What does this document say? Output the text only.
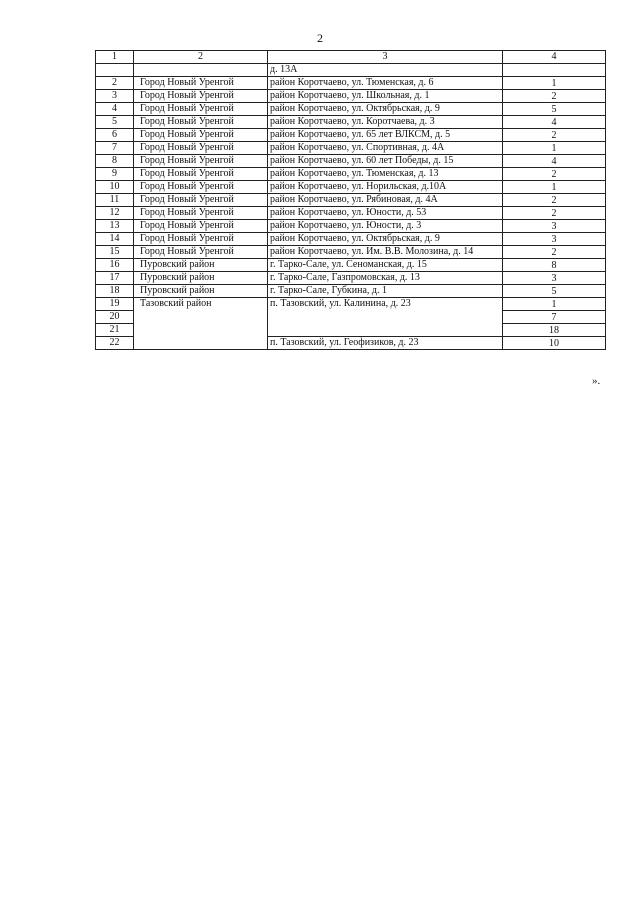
2
1	2	3	4
		д. 13А	
2	Город Новый Уренгой	район Коротчаево, ул. Тюменская, д. 6	1
3	Город Новый Уренгой	район Коротчаево, ул. Школьная, д. 1	2
4	Город Новый Уренгой	район Коротчаево, ул. Октябрьская, д. 9	5
5	Город Новый Уренгой	район Коротчаево, ул. Коротчаева, д. 3	4
6	Город Новый Уренгой	район Коротчаево, ул. 65 лет ВЛКСМ, д. 5	2
7	Город Новый Уренгой	район Коротчаево, ул. Спортивная, д. 4А	1
8	Город Новый Уренгой	район Коротчаево, ул. 60 лет Победы, д. 15	4
9	Город Новый Уренгой	район Коротчаево, ул. Тюменская, д. 13	2
10	Город Новый Уренгой	район Коротчаево, ул. Норильская, д.10А	1
11	Город Новый Уренгой	район Коротчаево, ул. Рябиновая, д. 4А	2
12	Город Новый Уренгой	район Коротчаево, ул. Юности, д. 53	2
13	Город Новый Уренгой	район Коротчаево, ул. Юности, д. 3	3
14	Город Новый Уренгой	район Коротчаево, ул. Октябрьская, д. 9	3
15	Город Новый Уренгой	район Коротчаево, ул. Им. В.В. Молозина, д. 14	2
16	Пуровский район	г. Тарко-Сале, ул. Сеноманская, д. 15	8
17	Пуровский район	г. Тарко-Сале, Газпромовская, д. 13	3
18	Пуровский район	г. Тарко-Сале, Губкина, д. 1	5
19	Тазовский район	п. Тазовский, ул. Калинина, д. 23	1
20			7
21			18
22		п. Тазовский, ул. Геофизиков, д. 23	10
».
